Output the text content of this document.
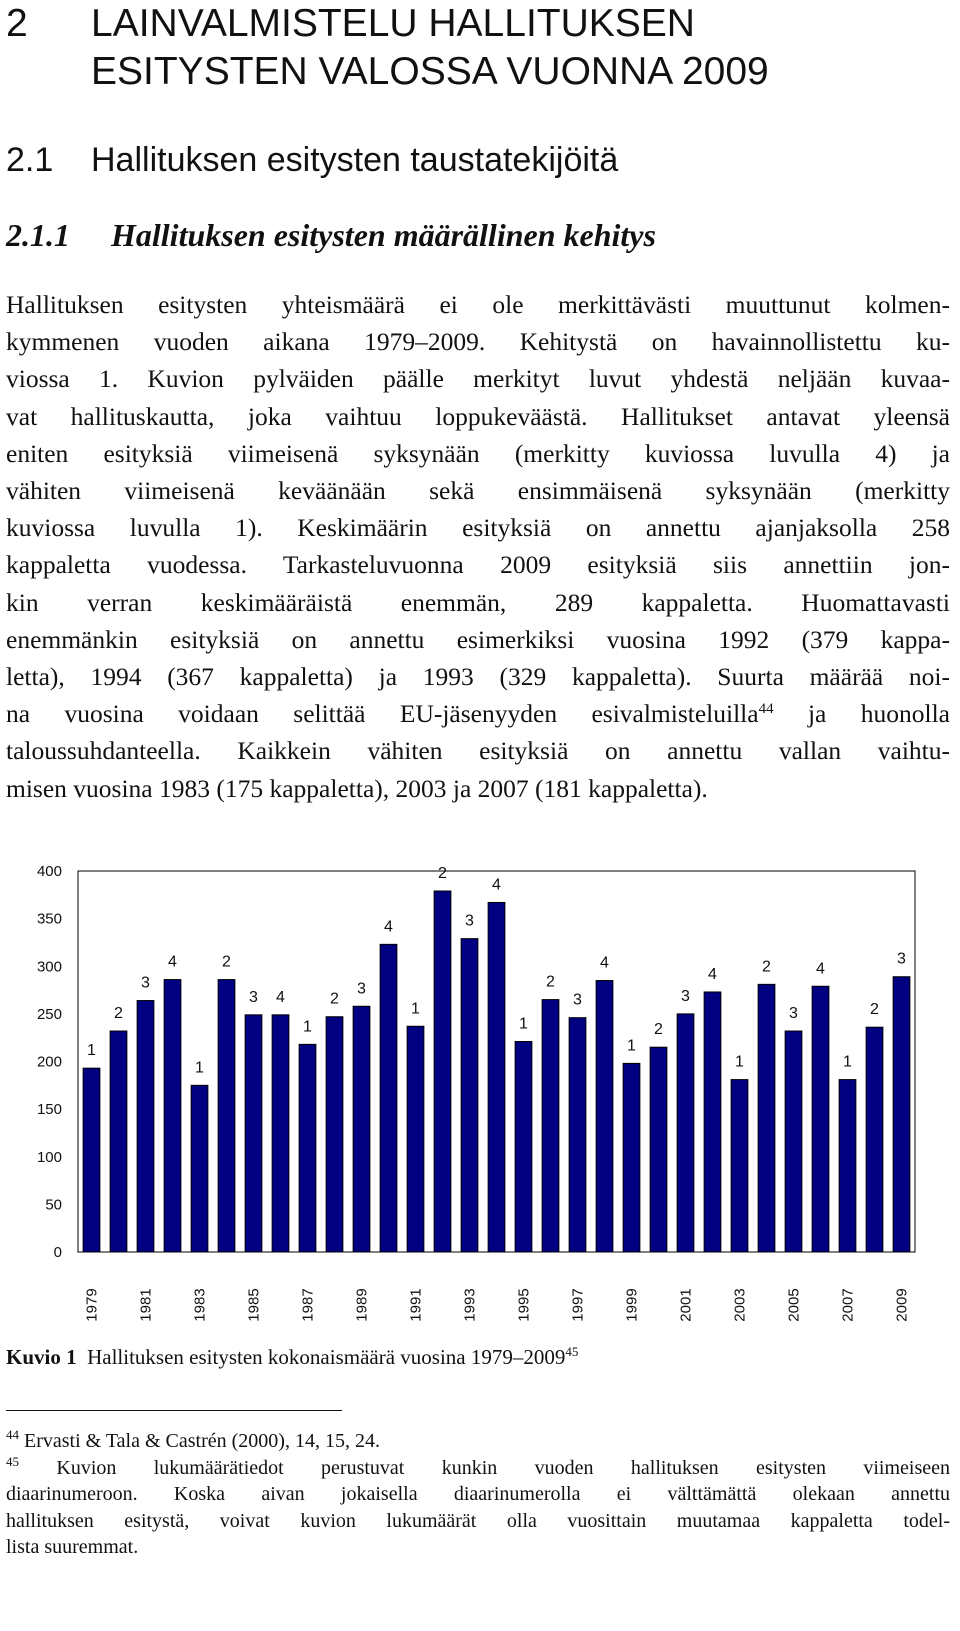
2 LAINVALMISTELU HALLITUKSEN
ESITYSTEN VALOSSA VUONNA 2009
2.1 Hallituksen esitysten taustatekijöitä
2.1.1 Hallituksen esitysten määrällinen kehitys
Hallituksen esitysten yhteismäärä ei ole merkittävästi muuttunut kolmen-
kymmenen vuoden aikana 1979–2009. Kehitystä on havainnollistettu ku-
viossa 1. Kuvion pylväiden päälle merkityt luvut yhdestä neljään kuvaa-
vat hallituskautta, joka vaihtuu loppukeväästä. Hallitukset antavat yleensä
eniten esityksiä viimeisenä syksynään (merkitty kuviossa luvulla 4) ja
vähiten viimeisenä keväänään sekä ensimmäisenä syksynään (merkitty
kuviossa luvulla 1). Keskimäärin esityksiä on annettu ajanjaksolla 258
kappaletta vuodessa. Tarkasteluvuonna 2009 esityksiä siis annettiin jon-
kin verran keskimääräistä enemmän, 289 kappaletta. Huomattavasti
enemmänkin esityksiä on annettu esimerkiksi vuosina 1992 (379 kappa-
letta), 1994 (367 kappaletta) ja 1993 (329 kappaletta). Suurta määrää noi-
na vuosina voidaan selittää EU-jäsenyyden esivalmisteluilla$^{44}$ ja huonolla
taloussuhdanteella. Kaikkein vähiten esityksiä on annettu vallan vaihtu-
misen vuosina 1983 (175 kappaletta), 2003 ja 2007 (181 kappaletta).
0
50
100
150
200
250
300
350
400
1
2
3
4
1
2
3 4
1
2
3
4
1
2
3
4
1
2
3
4
1
2
3
4
1
2
3
4
1
2
3
1979 1981 1983 1985 1987 1989 1991 1993 1995 1997 1999 2001 2003 2005 2007 2009
Kuvio 1 Hallituksen esitysten kokonaismäärä vuosina 1979–2009$^{45}$
$^{44}$ Ervasti & Tala & Castrén (2000), 14, 15, 24.
$^{45}$ Kuvion lukumäärätiedot perustuvat kunkin vuoden hallituksen esitysten viimeiseen
diaarinumeroon. Koska aivan jokaisella diaarinumerolla ei välttämättä olekaan annettu
hallituksen esitystä, voivat kuvion lukumäärät olla vuosittain muutamaa kappaletta todel-
lista suuremmat.
